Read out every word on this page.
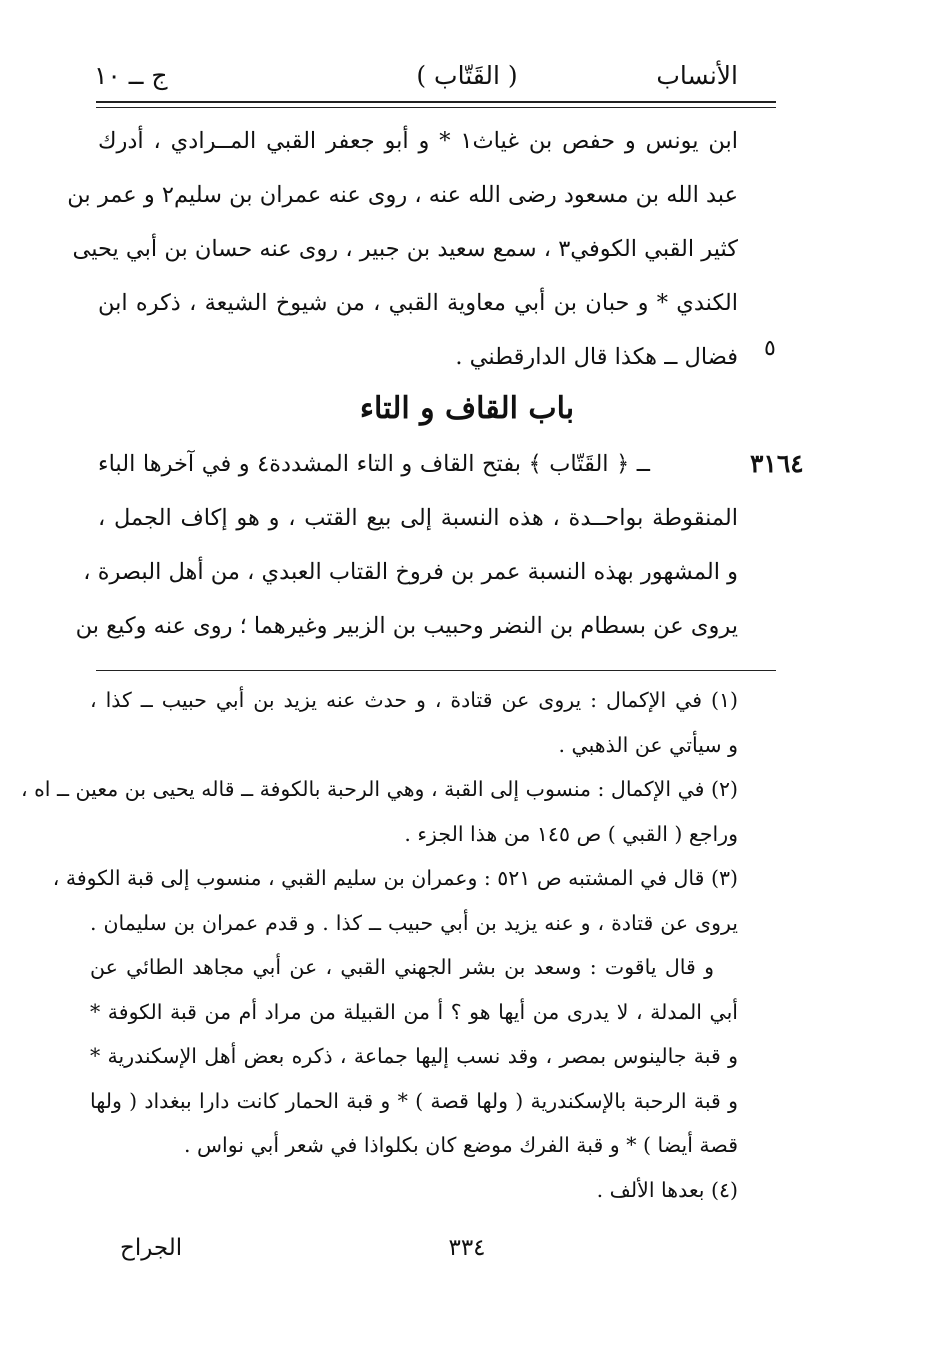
الأنساب
( القَتّاب )
ج ــ ١٠
ابن يونس و حفص بن غياث١ * و أبو جعفر القبي المــرادي ، أدرك
عبد الله بن مسعود رضى الله عنه ، روى عنه عمران بن سليم٢ و عمر بن
كثير القبي الكوفي٣ ، سمع سعيد بن جبير ، روى عنه حسان بن أبي يحيى
الكندي * و حبان بن أبي معاوية القبي ، من شيوخ الشيعة ، ذكره ابن
فضال ــ هكذا قال الدارقطني . ٥
باب القاف و التاء
٣١٦٤
ــ ﴿ القَتّاب ﴾ بفتح القاف و التاء المشددة٤ و في آخرها الباء
المنقوطة بواحــدة ، هذه النسبة إلى بيع القتب ، و هو إكاف الجمل ،
و المشهور بهذه النسبة عمر بن فروخ القتاب العبدي ، من أهل البصرة ،
يروى عن بسطام بن النضر وحبيب بن الزبير وغيرهما ؛ روى عنه وكيع بن
(١) في الإكمال : يروى عن قتادة ، و حدث عنه يزيد بن أبي حبيب ــ كذا ،
و سيأتي عن الذهبي .
(٢) في الإكمال : منسوب إلى القبة ، وهي الرحبة بالكوفة ــ قاله يحيى بن معين ــ اه ،
وراجع ( القبي ) ص ١٤٥ من هذا الجزء .
(٣) قال في المشتبه ص ٥٢١ : وعمران بن سليم القبي ، منسوب إلى قبة الكوفة ،
يروى عن قتادة ، و عنه يزيد بن أبي حبيب ــ كذا . و قدم عمران بن سليمان .
و قال ياقوت : وسعد بن بشر الجهني القبي ، عن أبي مجاهد الطائي عن
أبي المدلة ، لا يدرى من أيها هو ؟ أ من القبيلة من مراد أم من قبة الكوفة *
و قبة جالينوس بمصر ، وقد نسب إليها جماعة ، ذكره بعض أهل الإسكندرية *
و قبة الرحبة بالإسكندرية ( ولها قصة ) * و قبة الحمار كانت دارا ببغداد ( ولها
قصة أيضا ) * و قبة الفرك موضع كان بكلواذا في شعر أبي نواس .
(٤) بعدها الألف .
٣٣٤
الجراح
